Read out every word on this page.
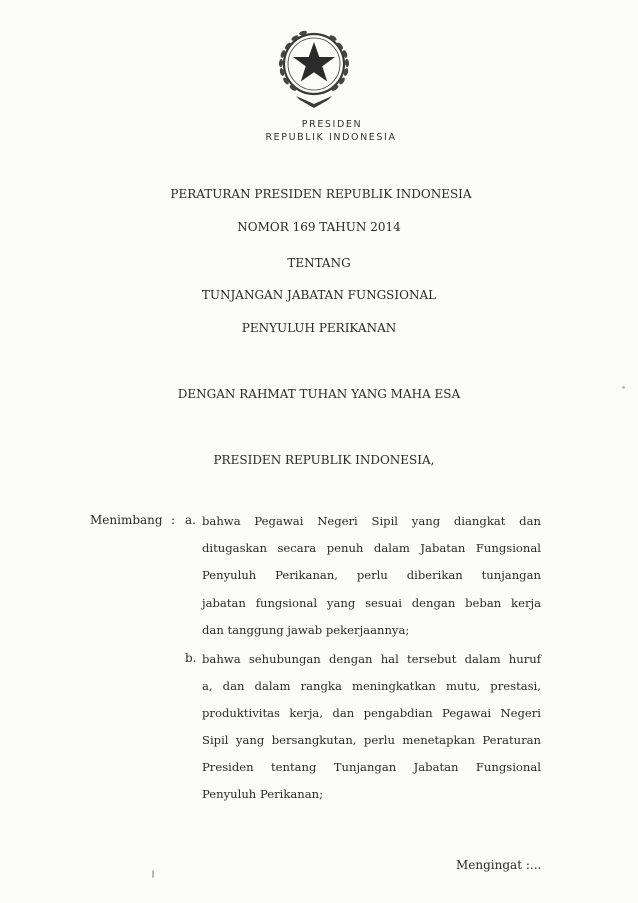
PRESIDEN
REPUBLIK INDONESIA
PERATURAN PRESIDEN REPUBLIK INDONESIA
NOMOR 169 TAHUN 2014
TENTANG
TUNJANGAN JABATAN FUNGSIONAL
PENYULUH PERIKANAN
DENGAN RAHMAT TUHAN YANG MAHA ESA
PRESIDEN REPUBLIK INDONESIA,
Menimbang : a. bahwa Pegawai Negeri Sipil yang diangkat dan
ditugaskan secara penuh dalam Jabatan Fungsional
Penyuluh Perikanan, perlu diberikan tunjangan
jabatan fungsional yang sesuai dengan beban kerja
dan tanggung jawab pekerjaannya;
b. bahwa sehubungan dengan hal tersebut dalam huruf
a, dan dalam rangka meningkatkan mutu, prestasi,
produktivitas kerja, dan pengabdian Pegawai Negeri
Sipil yang bersangkutan, perlu menetapkan Peraturan
Presiden tentang Tunjangan Jabatan Fungsional
Penyuluh Perikanan;
Mengingat :...
